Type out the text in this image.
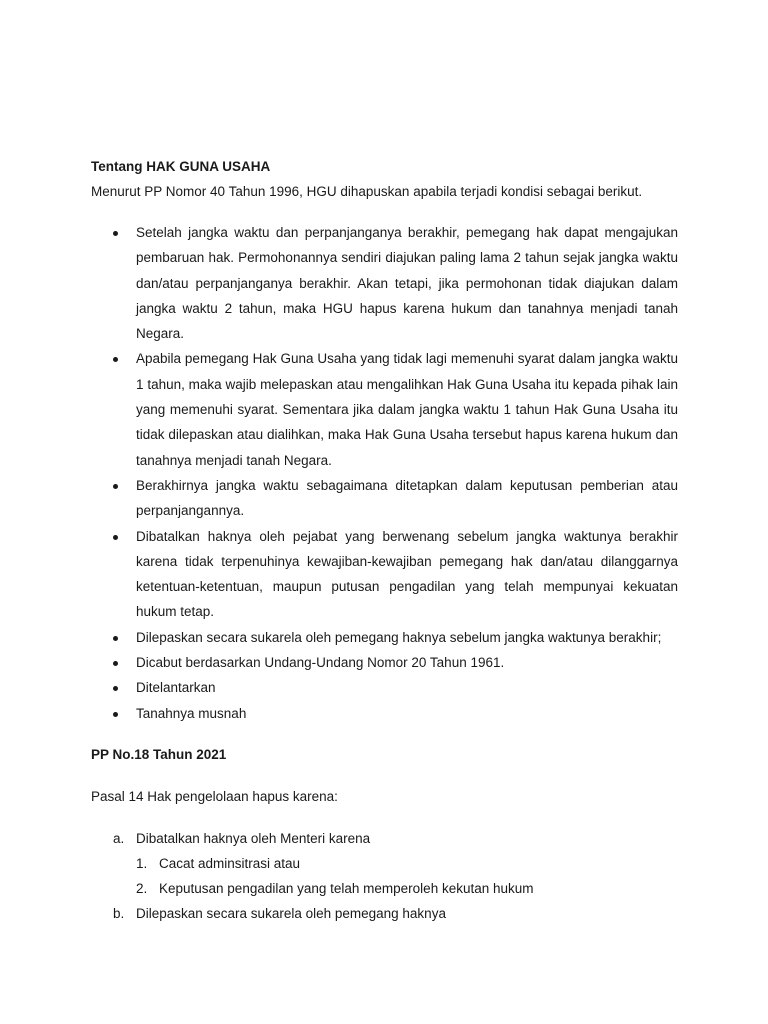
Tentang HAK GUNA USAHA
Menurut PP Nomor 40 Tahun 1996, HGU dihapuskan apabila terjadi kondisi sebagai berikut.
Setelah jangka waktu dan perpanjanganya berakhir, pemegang hak dapat mengajukan pembaruan hak. Permohonannya sendiri diajukan paling lama 2 tahun sejak jangka waktu dan/atau perpanjanganya berakhir. Akan tetapi, jika permohonan tidak diajukan dalam jangka waktu 2 tahun, maka HGU hapus karena hukum dan tanahnya menjadi tanah Negara.
Apabila pemegang Hak Guna Usaha yang tidak lagi memenuhi syarat dalam jangka waktu 1 tahun, maka wajib melepaskan atau mengalihkan Hak Guna Usaha itu kepada pihak lain yang memenuhi syarat. Sementara jika dalam jangka waktu 1 tahun Hak Guna Usaha itu tidak dilepaskan atau dialihkan, maka Hak Guna Usaha tersebut hapus karena hukum dan tanahnya menjadi tanah Negara.
Berakhirnya jangka waktu sebagaimana ditetapkan dalam keputusan pemberian atau perpanjangannya.
Dibatalkan haknya oleh pejabat yang berwenang sebelum jangka waktunya berakhir karena tidak terpenuhinya kewajiban-kewajiban pemegang hak dan/atau dilanggarnya ketentuan-ketentuan, maupun putusan pengadilan yang telah mempunyai kekuatan hukum tetap.
Dilepaskan secara sukarela oleh pemegang haknya sebelum jangka waktunya berakhir;
Dicabut berdasarkan Undang-Undang Nomor 20 Tahun 1961.
Ditelantarkan
Tanahnya musnah
PP No.18 Tahun 2021
Pasal 14 Hak pengelolaan hapus karena:
a. Dibatalkan haknya oleh Menteri karena
1. Cacat adminsitrasi atau
2. Keputusan pengadilan yang telah memperoleh kekutan hukum
b. Dilepaskan secara sukarela oleh pemegang haknya
